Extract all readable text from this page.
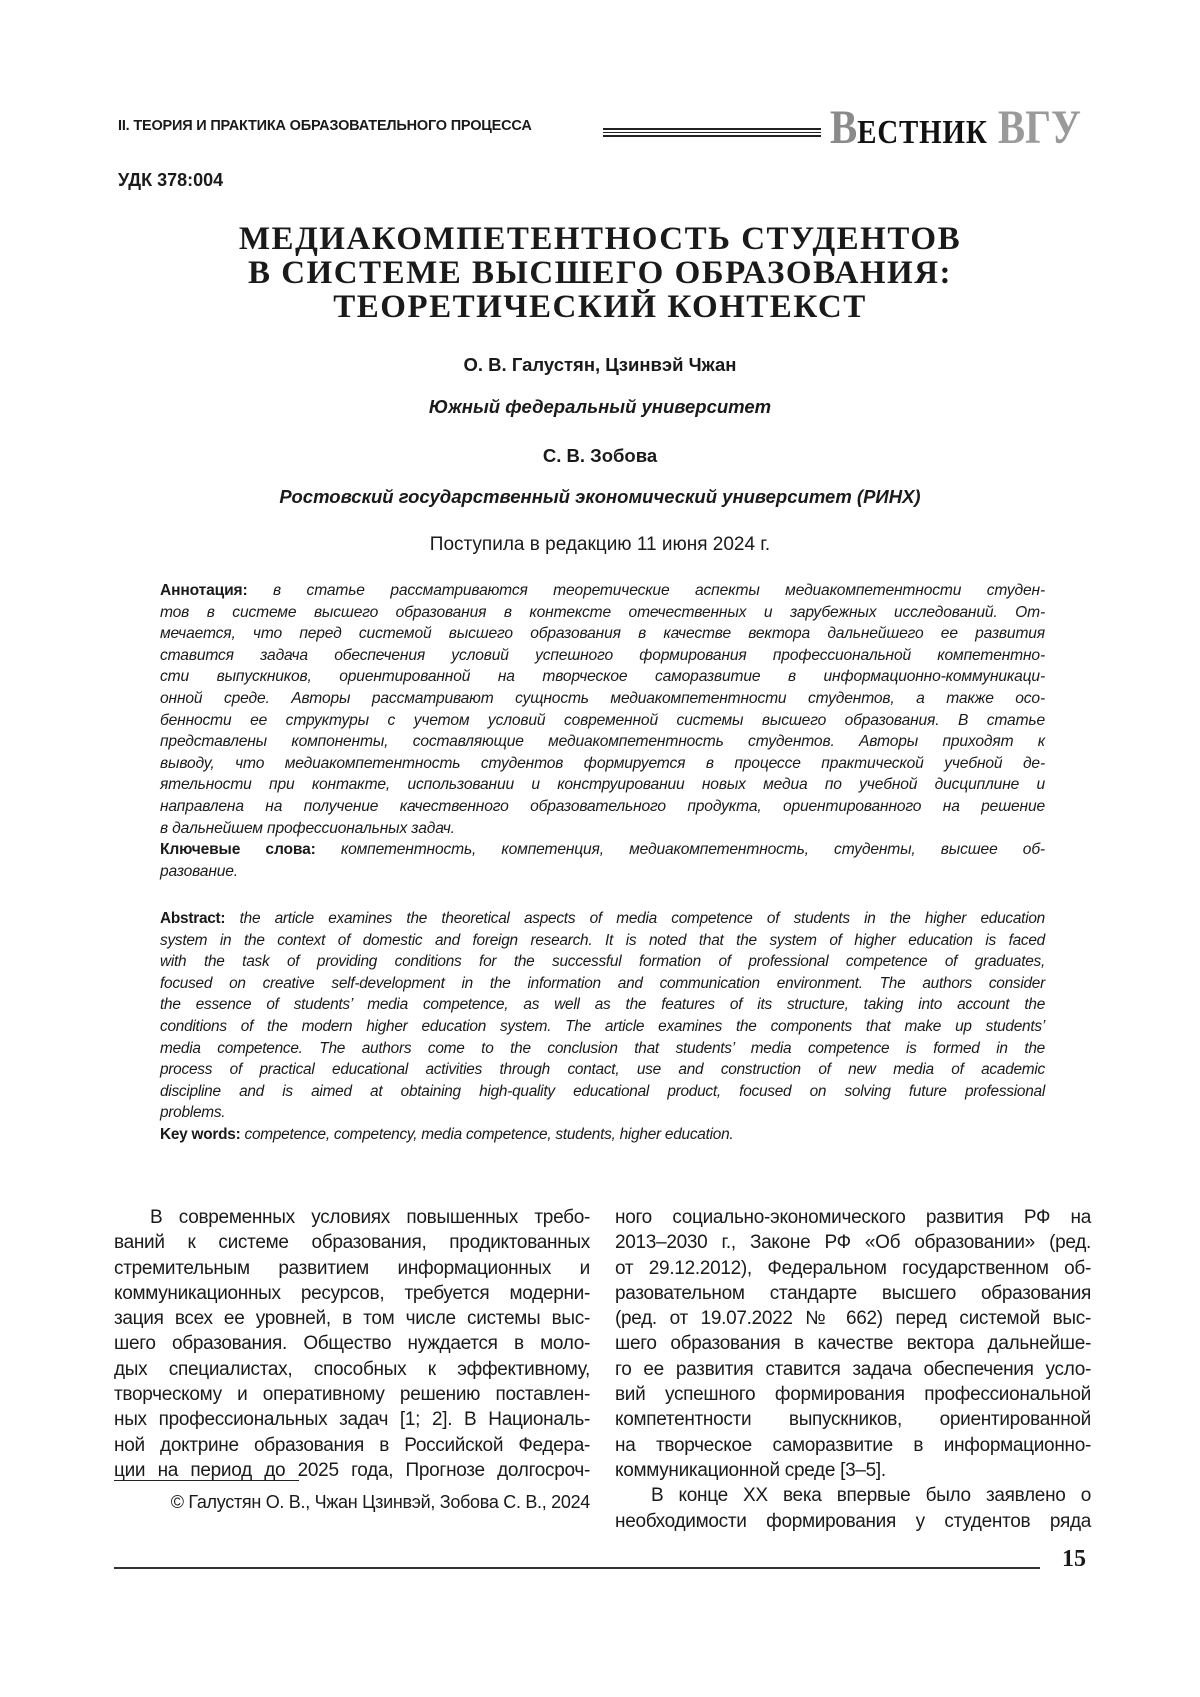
II. ТЕОРИЯ И ПРАКТИКА ОБРАЗОВАТЕЛЬНОГО ПРОЦЕССА	ВЕСТНИК ВГУ
УДК 378:004
МЕДИАКОМПЕТЕНТНОСТЬ СТУДЕНТОВ
В СИСТЕМЕ ВЫСШЕГО ОБРАЗОВАНИЯ:
ТЕОРЕТИЧЕСКИЙ КОНТЕКСТ
О. В. Галустян, Цзинвэй Чжан
Южный федеральный университет
С. В. Зобова
Ростовский государственный экономический университет (РИНХ)
Поступила в редакцию 11 июня 2024 г.
Аннотация: в статье рассматриваются теоретические аспекты медиакомпетентности студен-
тов в системе высшего образования в контексте отечественных и зарубежных исследований. От-
мечается, что перед системой высшего образования в качестве вектора дальнейшего ее развития
ставится задача обеспечения условий успешного формирования профессиональной компетентно-
сти выпускников, ориентированной на творческое саморазвитие в информационно-коммуникаци-
онной среде. Авторы рассматривают сущность медиакомпетентности студентов, а также осо-
бенности ее структуры с учетом условий современной системы высшего образования. В статье
представлены компоненты, составляющие медиакомпетентность студентов. Авторы приходят к
выводу, что медиакомпетентность студентов формируется в процессе практической учебной де-
ятельности при контакте, использовании и конструировании новых медиа по учебной дисциплине и
направлена на получение качественного образовательного продукта, ориентированного на решение
в дальнейшем профессиональных задач.
Ключевые слова: компетентность, компетенция, медиакомпетентность, студенты, высшее об-
разование.
Abstract: the article examines the theoretical aspects of media competence of students in the higher education
system in the context of domestic and foreign research. It is noted that the system of higher education is faced
with the task of providing conditions for the successful formation of professional competence of graduates,
focused on creative self-development in the information and communication environment. The authors consider
the essence of students’ media competence, as well as the features of its structure, taking into account the
conditions of the modern higher education system. The article examines the components that make up students’
media competence. The authors come to the conclusion that students’ media competence is formed in the
process of practical educational activities through contact, use and construction of new media of academic
discipline and is aimed at obtaining high-quality educational product, focused on solving future professional
problems.
Key words: competence, competency, media competence, students, higher education.
В современных условиях повышенных требо-
ваний к системе образования, продиктованных
стремительным развитием информационных и
коммуникационных ресурсов, требуется модерни-
зация всех ее уровней, в том числе системы выс-
шего образования. Общество нуждается в моло-
дых специалистах, способных к эффективному,
творческому и оперативному решению поставлен-
ных профессиональных задач [1; 2]. В Националь-
ной доктрине образования в Российской Федера-
ции на период до 2025 года, Прогнозе долгосроч-
ного социально-экономического развития РФ на
2013–2030 г., Законе РФ «Об образовании» (ред.
от 29.12.2012), Федеральном государственном об-
разовательном стандарте высшего образования
(ред. от 19.07.2022 № 662) перед системой выс-
шего образования в качестве вектора дальнейше-
го ее развития ставится задача обеспечения усло-
вий успешного формирования профессиональной
компетентности выпускников, ориентированной
на творческое саморазвитие в информационно-
коммуникационной среде [3–5].
В конце XX века впервые было заявлено о
необходимости формирования у студентов ряда
© Галустян О. В., Чжан Цзинвэй, Зобова С. В., 2024
15
